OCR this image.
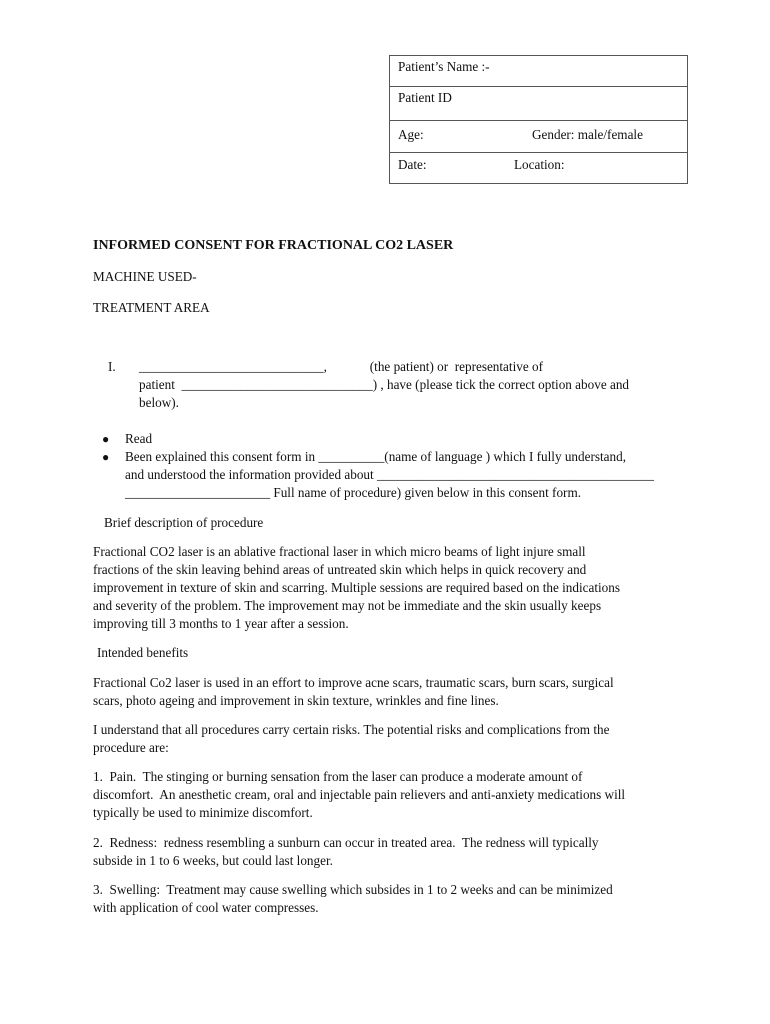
Patient’s Name :-
Patient ID
Age:	Gender: male/female
Date:	Location:
INFORMED CONSENT FOR FRACTIONAL CO2 LASER
MACHINE USED-
TREATMENT AREA
I. ____________________________,             (the patient) or  representative of
patient  _____________________________) , have (please tick the correct option above and
below).
● Read
● Been explained this consent form in __________(name of language ) which I fully understand,
and understood the information provided about __________________________________________
______________________ Full name of procedure) given below in this consent form.
Brief description of procedure
Fractional CO2 laser is an ablative fractional laser in which micro beams of light injure small
fractions of the skin leaving behind areas of untreated skin which helps in quick recovery and
improvement in texture of skin and scarring. Multiple sessions are required based on the indications
and severity of the problem. The improvement may not be immediate and the skin usually keeps
improving till 3 months to 1 year after a session.
Intended benefits
Fractional Co2 laser is used in an effort to improve acne scars, traumatic scars, burn scars, surgical
scars, photo ageing and improvement in skin texture, wrinkles and fine lines.
I understand that all procedures carry certain risks. The potential risks and complications from the
procedure are:
1.  Pain.  The stinging or burning sensation from the laser can produce a moderate amount of
discomfort.  An anesthetic cream, oral and injectable pain relievers and anti-anxiety medications will
typically be used to minimize discomfort.
2.  Redness:  redness resembling a sunburn can occur in treated area.  The redness will typically
subside in 1 to 6 weeks, but could last longer.
3.  Swelling:  Treatment may cause swelling which subsides in 1 to 2 weeks and can be minimized
with application of cool water compresses.
